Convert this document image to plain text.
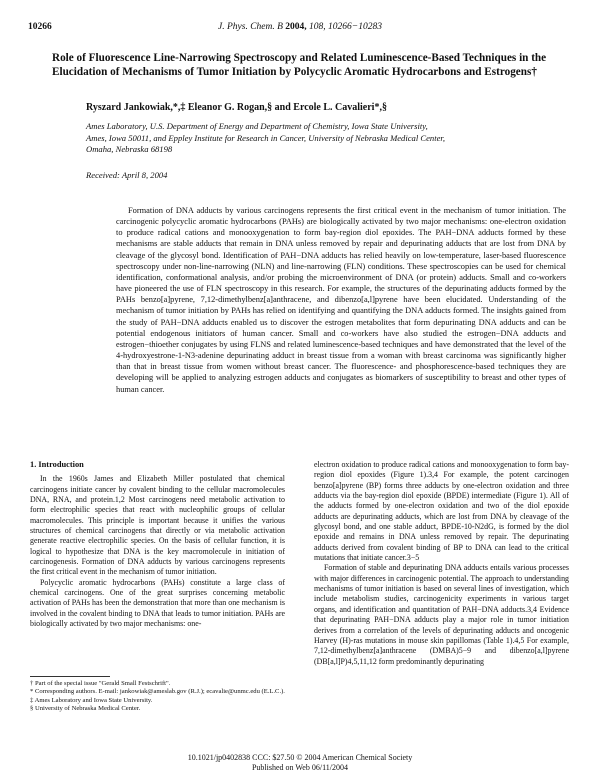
10266	J. Phys. Chem. B 2004, 108, 10266−10283
Role of Fluorescence Line-Narrowing Spectroscopy and Related Luminescence-Based Techniques in the Elucidation of Mechanisms of Tumor Initiation by Polycyclic Aromatic Hydrocarbons and Estrogens†
Ryszard Jankowiak,*,‡ Eleanor G. Rogan,§ and Ercole L. Cavalieri*,§
Ames Laboratory, U.S. Department of Energy and Department of Chemistry, Iowa State University,
Ames, Iowa 50011, and Eppley Institute for Research in Cancer, University of Nebraska Medical Center,
Omaha, Nebraska 68198
Received: April 8, 2004

Formation of DNA adducts by various carcinogens represents the first critical event in the mechanism of tumor initiation. The carcinogenic polycyclic aromatic hydrocarbons (PAHs) are biologically activated by two major mechanisms: one-electron oxidation to produce radical cations and monooxygenation to form bay-region diol epoxides. The PAH−DNA adducts formed by these mechanisms are stable adducts that remain in DNA unless removed by repair and depurinating adducts that are lost from DNA by cleavage of the glycosyl bond. Identification of PAH−DNA adducts has relied heavily on low-temperature, laser-based fluorescence spectroscopy under non-line-narrowing (NLN) and line-narrowing (FLN) conditions. These spectroscopies can be used for chemical identification, conformational analysis, and/or probing the microenvironment of DNA (or protein) adducts. Small and co-workers have pioneered the use of FLN spectroscopy in this research. For example, the structures of the depurinating adducts formed by the PAHs benzo[a]pyrene, 7,12-dimethylbenz[a]anthracene, and dibenzo[a,l]pyrene have been elucidated. Understanding of the mechanism of tumor initiation by PAHs has relied on identifying and quantifying the DNA adducts formed. The insights gained from the study of PAH−DNA adducts enabled us to discover the estrogen metabolites that form depurinating DNA adducts and can be potential endogenous initiators of human cancer. Small and co-workers have also studied the estrogen−DNA adducts and estrogen−thioether conjugates by using FLNS and related luminescence-based techniques and have demonstrated that the level of the 4-hydroxyestrone-1-N3-adenine depurinating adduct in breast tissue from a woman with breast carcinoma was significantly higher than that in breast tissue from women without breast cancer. The fluorescence- and phosphorescence-based techniques they are developing will be applied to analyzing estrogen adducts and conjugates as biomarkers of susceptibility to breast and other types of human cancer.

1. Introduction

In the 1960s James and Elizabeth Miller postulated that chemical carcinogens initiate cancer by covalent binding to the cellular macromolecules DNA, RNA, and protein.1,2 Most carcinogens need metabolic activation to form electrophilic species that react with nucleophilic groups of cellular macromolecules. This principle is important because it unifies the various structures of chemical carcinogens that directly or via metabolic activation generate reactive electrophilic species. On the basis of cellular function, it is logical to hypothesize that DNA is the key macromolecule in initiation of carcinogenesis. Formation of DNA adducts by various carcinogens represents the first critical event in the mechanism of tumor initiation.

Polycyclic aromatic hydrocarbons (PAHs) constitute a large class of chemical carcinogens. One of the great surprises concerning metabolic activation of PAHs has been the demonstration that more than one mechanism is involved in the covalent binding to DNA that leads to tumor initiation. PAHs are biologically activated by two major mechanisms: one-

electron oxidation to produce radical cations and monooxygenation to form bay-region diol epoxides (Figure 1).3,4 For example, the potent carcinogen benzo[a]pyrene (BP) forms three adducts by one-electron oxidation and three adducts via the bay-region diol epoxide (BPDE) intermediate (Figure 1). All of the adducts formed by one-electron oxidation and two of the diol epoxide adducts are depurinating adducts, which are lost from DNA by cleavage of the glycosyl bond, and one stable adduct, BPDE-10-N2dG, is formed by the diol epoxide and remains in DNA unless removed by repair. The depurinating adducts derived from covalent binding of BP to DNA can lead to the critical mutations that initiate cancer.3−5

Formation of stable and depurinating DNA adducts entails various processes with major differences in carcinogenic potential. The approach to understanding mechanisms of tumor initiation is based on several lines of investigation, which include metabolism studies, carcinogenicity experiments in various target organs, and identification and quantitation of PAH−DNA adducts.3,4 Evidence that depurinating PAH−DNA adducts play a major role in tumor initiation derives from a correlation of the levels of depurinating adducts and oncogenic Harvey (H)-ras mutations in mouse skin papillomas (Table 1).4,5 For example, 7,12-dimethylbenz[a]anthracene (DMBA)5−9 and dibenzo[a,l]pyrene (DB[a,l]P)4,5,11,12 form predominantly depurinating

† Part of the special issue "Gerald Small Festschrift".
* Corresponding authors. E-mail: jankowiak@ameslab.gov (R.J.); ecavalie@unmc.edu (E.L.C.).
‡ Ames Laboratory and Iowa State University.
§ University of Nebraska Medical Center.
10.1021/jp0402838 CCC: $27.50 © 2004 American Chemical Society
Published on Web 06/11/2004
